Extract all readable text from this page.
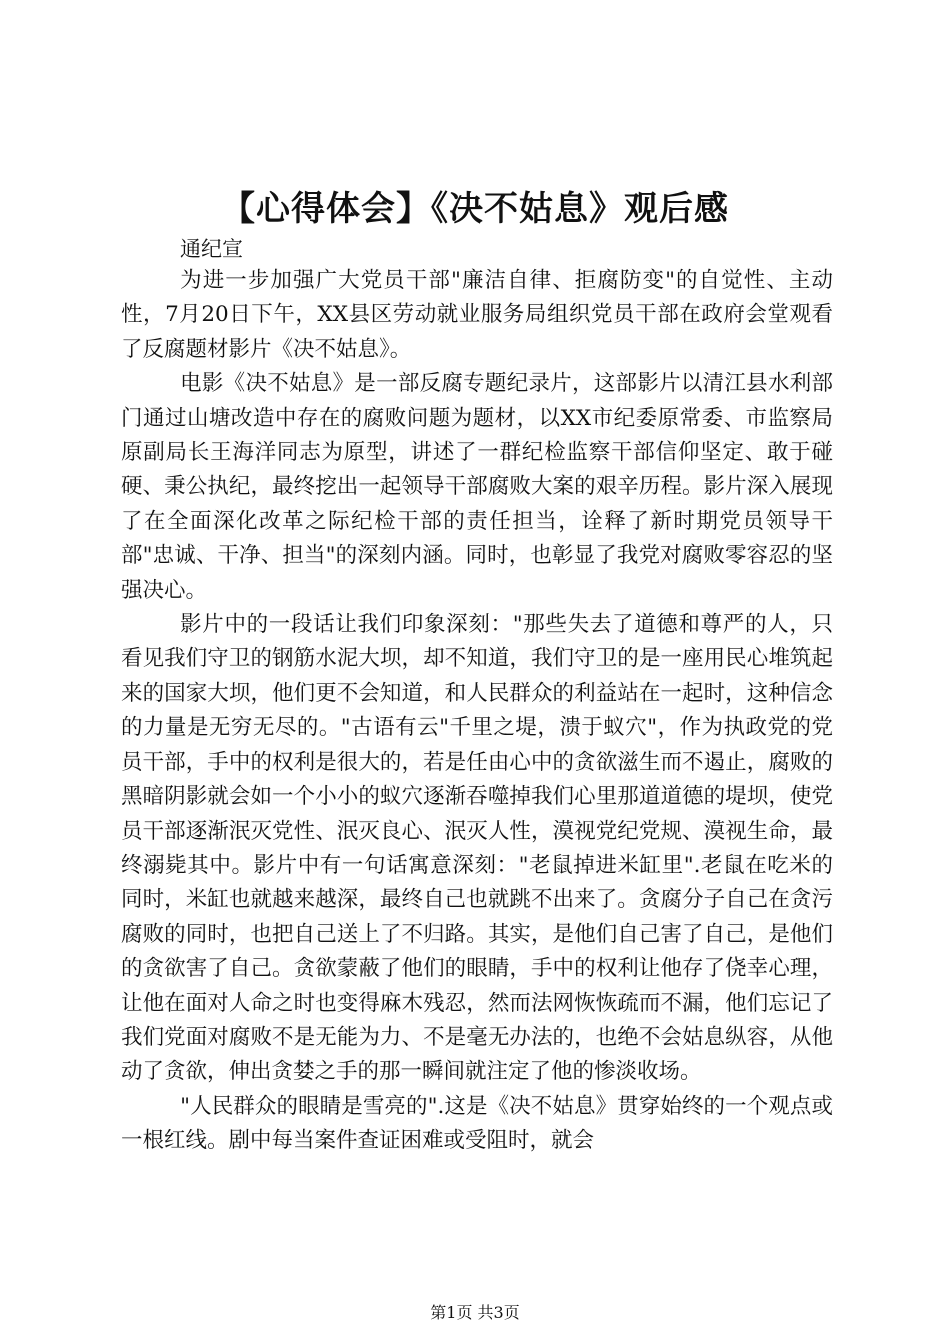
【心得体会】《决不姑息》观后感
通纪宣

为进一步加强广大党员干部"廉洁自律、拒腐防变"的自觉性、主动性，7月20日下午，XX县区劳动就业服务局组织党员干部在政府会堂观看了反腐题材影片《决不姑息》。

电影《决不姑息》是一部反腐专题纪录片，这部影片以清江县水利部门通过山塘改造中存在的腐败问题为题材，以XX市纪委原常委、市监察局原副局长王海洋同志为原型，讲述了一群纪检监察干部信仰坚定、敢于碰硬、秉公执纪，最终挖出一起领导干部腐败大案的艰辛历程。影片深入展现了在全面深化改革之际纪检干部的责任担当，诠释了新时期党员领导干部"忠诚、干净、担当"的深刻内涵。同时，也彰显了我党对腐败零容忍的坚强决心。

影片中的一段话让我们印象深刻："那些失去了道德和尊严的人，只看见我们守卫的钢筋水泥大坝，却不知道，我们守卫的是一座用民心堆筑起来的国家大坝，他们更不会知道，和人民群众的利益站在一起时，这种信念的力量是无穷无尽的。"古语有云"千里之堤，溃于蚁穴"，作为执政党的党员干部，手中的权利是很大的，若是任由心中的贪欲滋生而不遏止，腐败的黑暗阴影就会如一个小小的蚁穴逐渐吞噬掉我们心里那道道德的堤坝，使党员干部逐渐泯灭党性、泯灭良心、泯灭人性，漠视党纪党规、漠视生命，最终溺毙其中。影片中有一句话寓意深刻："老鼠掉进米缸里".老鼠在吃米的同时，米缸也就越来越深，最终自己也就跳不出来了。贪腐分子自己在贪污腐败的同时，也把自己送上了不归路。其实，是他们自己害了自己，是他们的贪欲害了自己。贪欲蒙蔽了他们的眼睛，手中的权利让他存了侥幸心理，让他在面对人命之时也变得麻木残忍，然而法网恢恢疏而不漏，他们忘记了我们党面对腐败不是无能为力、不是毫无办法的，也绝不会姑息纵容，从他动了贪欲，伸出贪婪之手的那一瞬间就注定了他的惨淡收场。

"人民群众的眼睛是雪亮的".这是《决不姑息》贯穿始终的一个观点或一根红线。剧中每当案件查证困难或受阻时，就会

第1页 共3页
